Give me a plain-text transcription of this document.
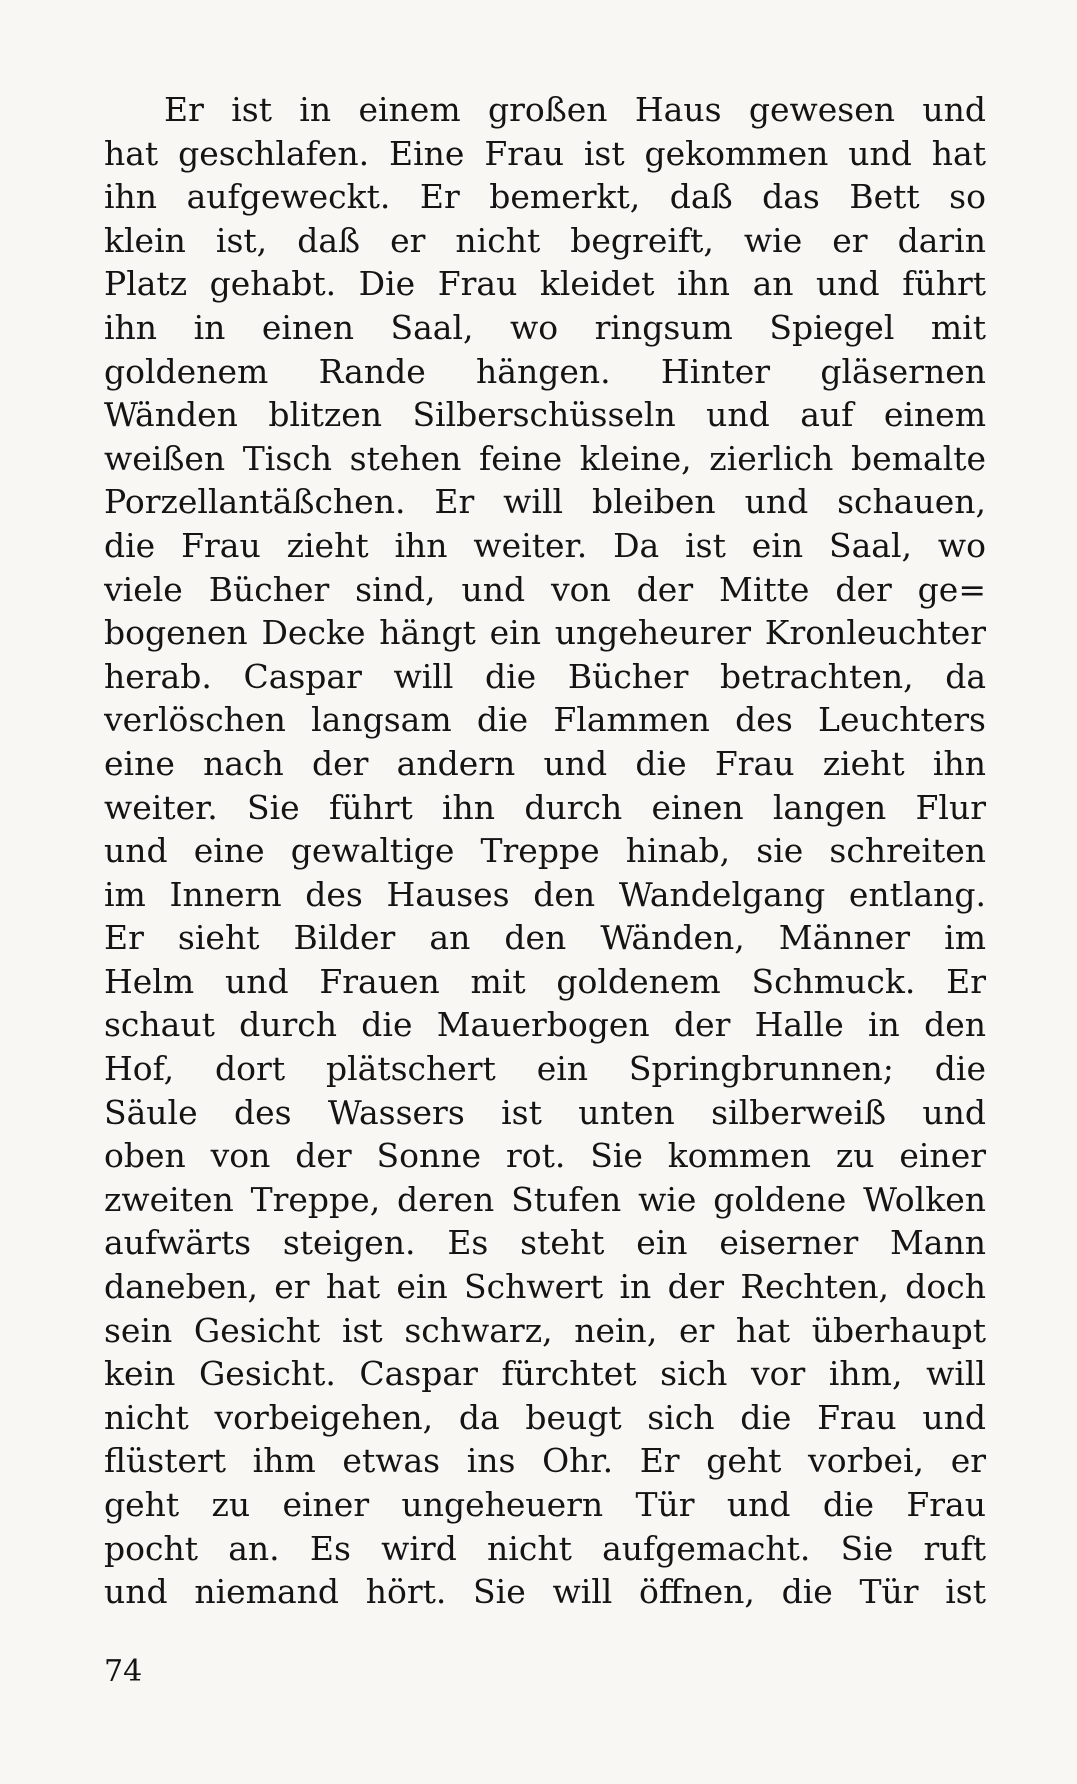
Er ist in einem großen Haus gewesen und
hat geschlafen. Eine Frau ist gekommen und hat
ihn aufgeweckt. Er bemerkt, daß das Bett so
klein ist, daß er nicht begreift, wie er darin
Platz gehabt. Die Frau kleidet ihn an und führt
ihn in einen Saal, wo ringsum Spiegel mit
goldenem Rande hängen. Hinter gläsernen
Wänden blitzen Silberschüsseln und auf einem
weißen Tisch stehen feine kleine, zierlich bemalte
Porzellantäßchen. Er will bleiben und schauen,
die Frau zieht ihn weiter. Da ist ein Saal, wo
viele Bücher sind, und von der Mitte der ge=
bogenen Decke hängt ein ungeheurer Kronleuchter
herab. Caspar will die Bücher betrachten, da
verlöschen langsam die Flammen des Leuchters
eine nach der andern und die Frau zieht ihn
weiter. Sie führt ihn durch einen langen Flur
und eine gewaltige Treppe hinab, sie schreiten
im Innern des Hauses den Wandelgang entlang.
Er sieht Bilder an den Wänden, Männer im
Helm und Frauen mit goldenem Schmuck. Er
schaut durch die Mauerbogen der Halle in den
Hof, dort plätschert ein Springbrunnen; die
Säule des Wassers ist unten silberweiß und
oben von der Sonne rot. Sie kommen zu einer
zweiten Treppe, deren Stufen wie goldene Wolken
aufwärts steigen. Es steht ein eiserner Mann
daneben, er hat ein Schwert in der Rechten, doch
sein Gesicht ist schwarz, nein, er hat überhaupt
kein Gesicht. Caspar fürchtet sich vor ihm, will
nicht vorbeigehen, da beugt sich die Frau und
flüstert ihm etwas ins Ohr. Er geht vorbei, er
geht zu einer ungeheuern Tür und die Frau
pocht an. Es wird nicht aufgemacht. Sie ruft
und niemand hört. Sie will öffnen, die Tür ist
74
